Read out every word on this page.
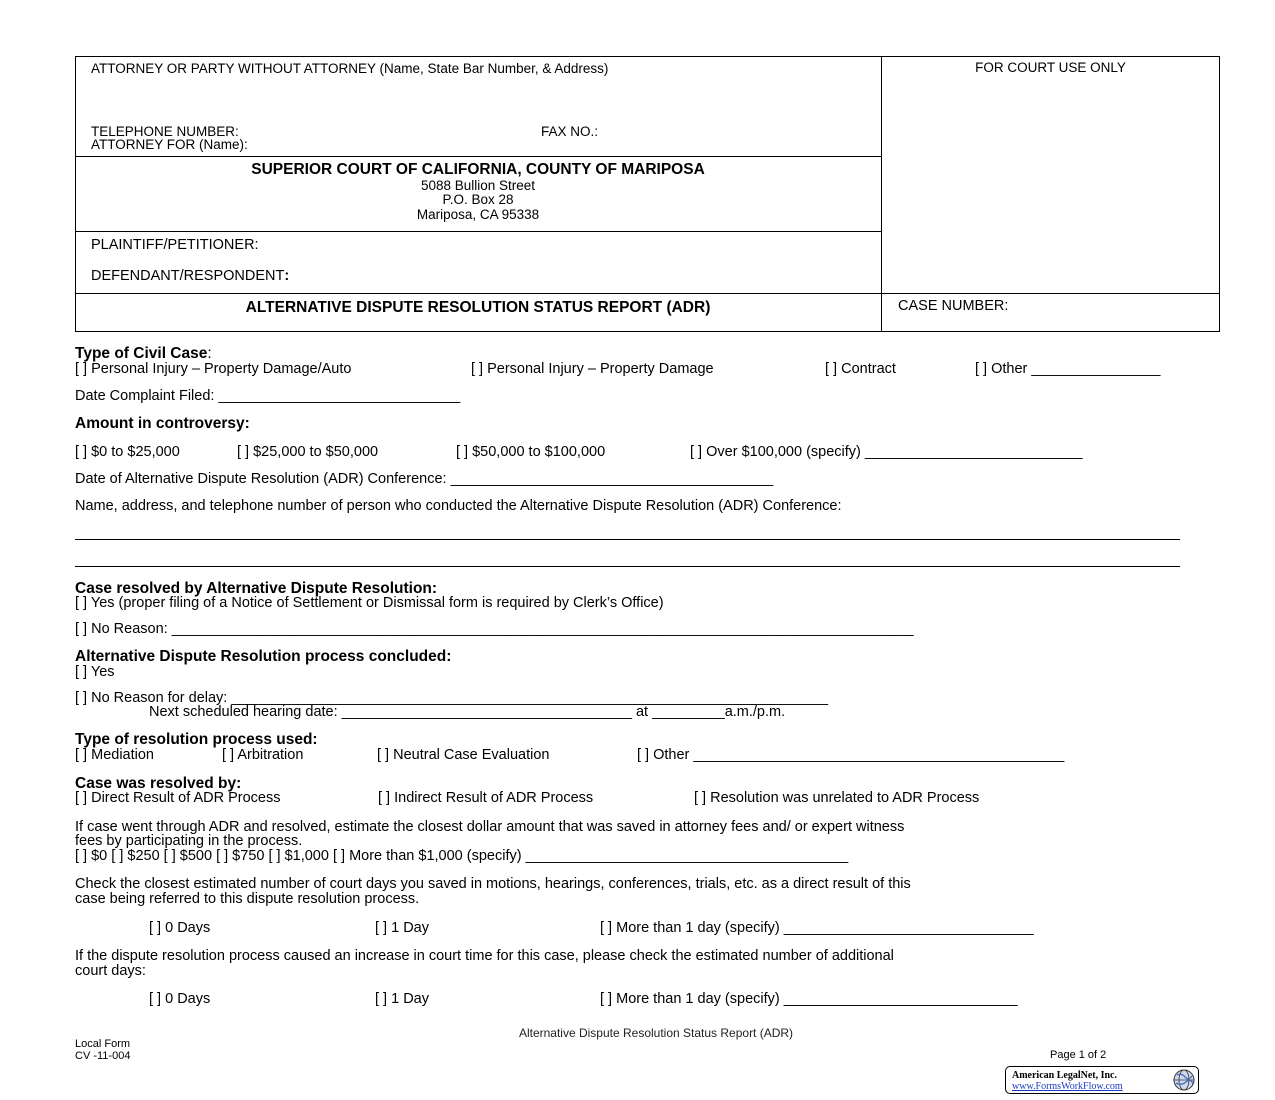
ATTORNEY OR PARTY WITHOUT ATTORNEY (Name, State Bar Number, & Address)	FOR COURT USE ONLY
TELEPHONE NUMBER:	FAX NO.:
ATTORNEY FOR (Name):
SUPERIOR COURT OF CALIFORNIA, COUNTY OF MARIPOSA
5088 Bullion Street
P.O. Box 28
Mariposa, CA 95338
PLAINTIFF/PETITIONER:
DEFENDANT/RESPONDENT:
ALTERNATIVE DISPUTE RESOLUTION STATUS REPORT (ADR)	CASE NUMBER:
Type of Civil Case:
[ ] Personal Injury – Property Damage/Auto	[ ] Personal Injury – Property Damage	[ ] Contract	[ ] Other ________________
Date Complaint Filed: ______________________________
Amount in controversy:
[ ] $0 to $25,000	[ ] $25,000 to $50,000	[ ] $50,000 to $100,000	[ ] Over $100,000 (specify) ___________________________
Date of Alternative Dispute Resolution (ADR) Conference: ________________________________________
Name, address, and telephone number of person who conducted the Alternative Dispute Resolution (ADR) Conference:
Case resolved by Alternative Dispute Resolution:
[ ] Yes (proper filing of a Notice of Settlement or Dismissal form is required by Clerk’s Office)
[ ] No Reason: ____________________________________________________________________________________________
Alternative Dispute Resolution process concluded:
[ ] Yes
[ ] No Reason for delay: __________________________________________________________________________
Next scheduled hearing date: ____________________________________ at _________a.m./p.m.
Type of resolution process used:
[ ] Mediation	[ ] Arbitration	[ ] Neutral Case Evaluation	[ ] Other ______________________________________________
Case was resolved by:
[ ] Direct Result of ADR Process	[ ] Indirect Result of ADR Process	[ ] Resolution was unrelated to ADR Process
If case went through ADR and resolved, estimate the closest dollar amount that was saved in attorney fees and/ or expert witness
fees by participating in the process.
[ ] $0 [ ] $250 [ ] $500 [ ] $750 [ ] $1,000 [ ] More than $1,000 (specify) ________________________________________
Check the closest estimated number of court days you saved in motions, hearings, conferences, trials, etc. as a direct result of this
case being referred to this dispute resolution process.
[ ] 0 Days	[ ] 1 Day	[ ] More than 1 day (specify) _______________________________
If the dispute resolution process caused an increase in court time for this case, please check the estimated number of additional
court days:
[ ] 0 Days	[ ] 1 Day	[ ] More than 1 day (specify) _____________________________
Alternative Dispute Resolution Status Report (ADR)
Local Form
CV -11-004	Page 1 of 2
American LegalNet, Inc.
www.FormsWorkFlow.com
